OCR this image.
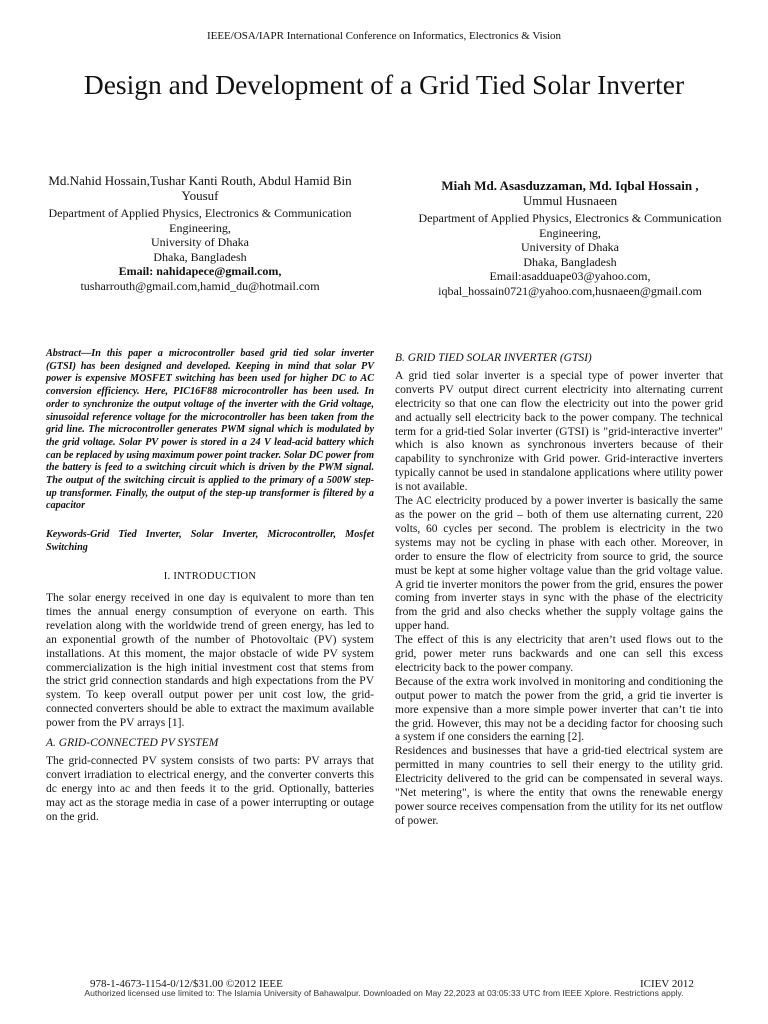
IEEE/OSA/IAPR International Conference on Informatics, Electronics & Vision
Design and Development of a Grid Tied Solar Inverter
Md.Nahid Hossain,Tushar Kanti Routh, Abdul Hamid Bin Yousuf
Department of Applied Physics, Electronics & Communication Engineering,
University of Dhaka
Dhaka, Bangladesh
Email: nahidapece@gmail.com,
tusharrouth@gmail.com,hamid_du@hotmail.com
Miah Md. Asasduzzaman, Md. Iqbal Hossain ,
Ummul Husnaeen
Department of Applied Physics, Electronics & Communication Engineering,
University of Dhaka
Dhaka, Bangladesh
Email:asadduape03@yahoo.com,
iqbal_hossain0721@yahoo.com,husnaeen@gmail.com

Abstract—In this paper a microcontroller based grid tied solar inverter (GTSI) has been designed and developed. Keeping in mind that solar PV power is expensive MOSFET switching has been used for higher DC to AC conversion efficiency. Here, PIC16F88 microcontroller has been used. In order to synchronize the output voltage of the inverter with the Grid voltage, sinusoidal reference voltage for the microcontroller has been taken from the grid line. The microcontroller generates PWM signal which is modulated by the grid voltage. Solar PV power is stored in a 24 V lead-acid battery which can be replaced by using maximum power point tracker. Solar DC power from the battery is feed to a switching circuit which is driven by the PWM signal. The output of the switching circuit is applied to the primary of a 500W step-up transformer. Finally, the output of the step-up transformer is filtered by a capacitor

Keywords-Grid Tied Inverter, Solar Inverter, Microcontroller, Mosfet Switching

I. INTRODUCTION

The solar energy received in one day is equivalent to more than ten times the annual energy consumption of everyone on earth. This revelation along with the worldwide trend of green energy, has led to an exponential growth of the number of Photovoltaic (PV) system installations. At this moment, the major obstacle of wide PV system commercialization is the high initial investment cost that stems from the strict grid connection standards and high expectations from the PV system. To keep overall output power per unit cost low, the grid-connected converters should be able to extract the maximum available power from the PV arrays [1].

A. GRID-CONNECTED PV SYSTEM

The grid-connected PV system consists of two parts: PV arrays that convert irradiation to electrical energy, and the converter converts this dc energy into ac and then feeds it to the grid. Optionally, batteries may act as the storage media in case of a power interrupting or outage on the grid.

B. GRID TIED SOLAR INVERTER (GTSI)

A grid tied solar inverter is a special type of power inverter that converts PV output direct current electricity into alternating current electricity so that one can flow the electricity out into the power grid and actually sell electricity back to the power company. The technical term for a grid-tied Solar inverter (GTSI) is "grid-interactive inverter" which is also known as synchronous inverters because of their capability to synchronize with Grid power. Grid-interactive inverters typically cannot be used in standalone applications where utility power is not available.

The AC electricity produced by a power inverter is basically the same as the power on the grid – both of them use alternating current, 220 volts, 60 cycles per second. The problem is electricity in the two systems may not be cycling in phase with each other. Moreover, in order to ensure the flow of electricity from source to grid, the source must be kept at some higher voltage value than the grid voltage value. A grid tie inverter monitors the power from the grid, ensures the power coming from inverter stays in sync with the phase of the electricity from the grid and also checks whether the supply voltage gains the upper hand.

The effect of this is any electricity that aren’t used flows out to the grid, power meter runs backwards and one can sell this excess electricity back to the power company.

Because of the extra work involved in monitoring and conditioning the output power to match the power from the grid, a grid tie inverter is more expensive than a more simple power inverter that can’t tie into the grid. However, this may not be a deciding factor for choosing such a system if one considers the earning [2].

Residences and businesses that have a grid-tied electrical system are permitted in many countries to sell their energy to the utility grid. Electricity delivered to the grid can be compensated in several ways. "Net metering", is where the entity that owns the renewable energy power source receives compensation from the utility for its net outflow of power.

978-1-4673-1154-0/12/$31.00 ©2012 IEEE	ICIEV 2012
Authorized licensed use limited to: The Islamia University of Bahawalpur. Downloaded on May 22,2023 at 03:05:33 UTC from IEEE Xplore. Restrictions apply.
